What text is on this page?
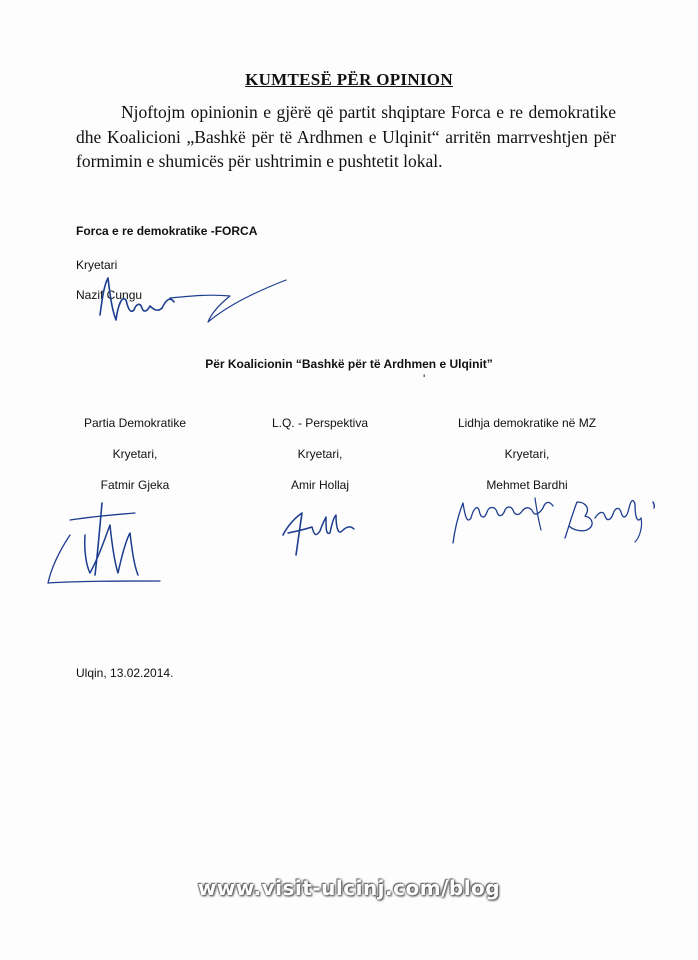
KUMTESË PËR OPINION

Njoftojm opinionin e gjërë që partit shqiptare Forca e re demokratike dhe Koalicioni „Bashkë për të Ardhmen e Ulqinit“ arritën marrveshtjen për formimin e shumicës për ushtrimin e pushtetit lokal.

Forca e re demokratike -FORCA
Kryetari
Nazif Cungu
Për Koalicionin “Bashkë për të Ardhmen e Ulqinit”
'
Partia Demokratike
Kryetari,
Fatmir Gjeka
L.Q. - Perspektiva
Kryetari,
Amir Hollaj
Lidhja demokratike në MZ
Kryetari,
Mehmet Bardhi
Ulqin, 13.02.2014.
www.visit-ulcinj.com/blog
